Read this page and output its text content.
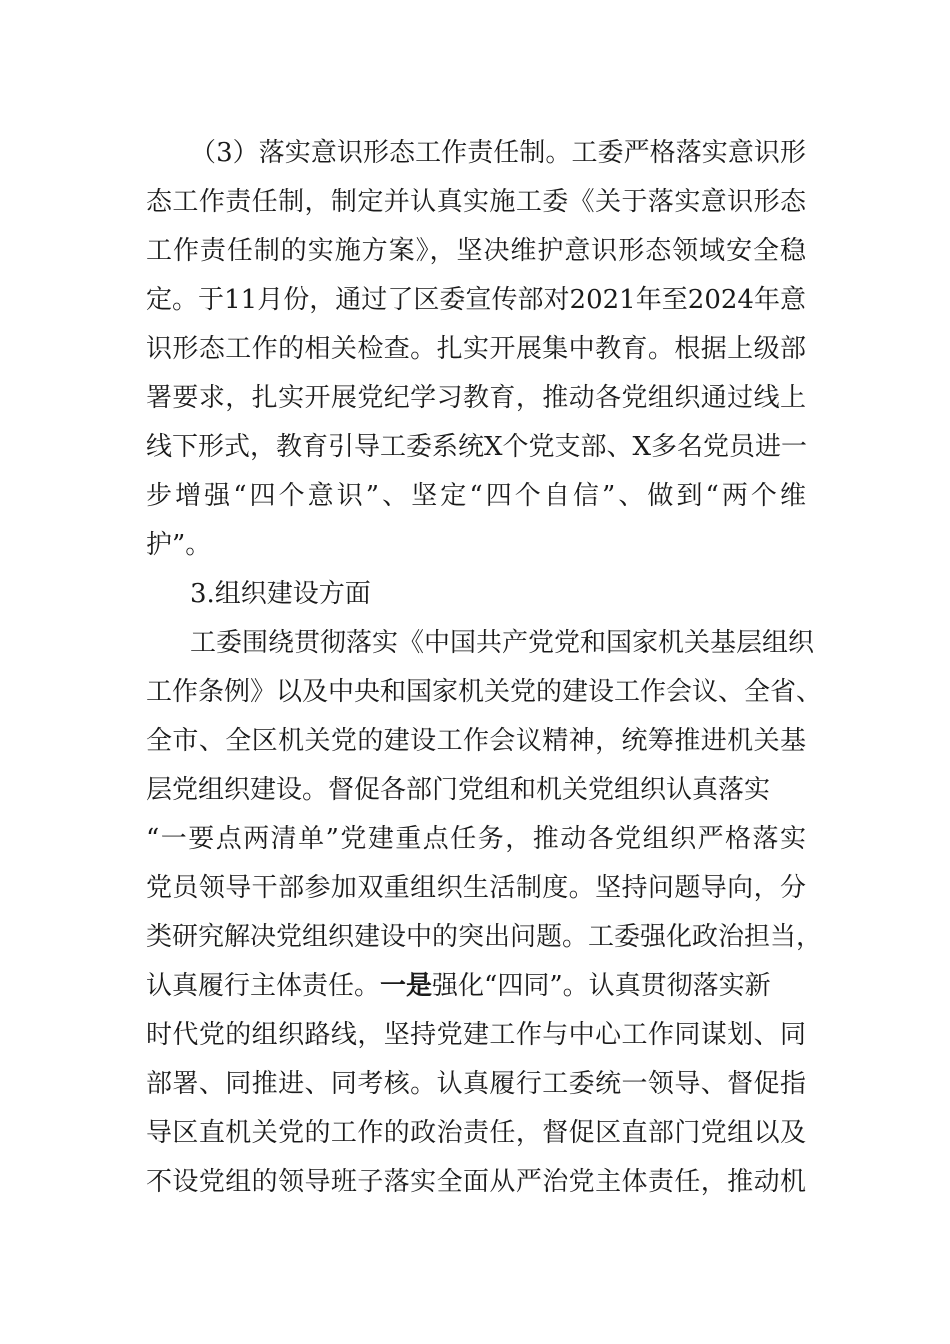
（3）落实意识形态工作责任制。工委严格落实意识形
态工作责任制，制定并认真实施工委《关于落实意识形态
工作责任制的实施方案》，坚决维护意识形态领域安全稳
定。于11月份，通过了区委宣传部对2021年至2024年意
识形态工作的相关检查。扎实开展集中教育。根据上级部
署要求，扎实开展党纪学习教育，推动各党组织通过线上
线下形式，教育引导工委系统X个党支部、X多名党员进一
步增强“四个意识”、坚定“四个自信”、做到“两个维
护”。
3.组织建设方面
工委围绕贯彻落实《中国共产党党和国家机关基层组织
工作条例》以及中央和国家机关党的建设工作会议、全省、
全市、全区机关党的建设工作会议精神，统筹推进机关基
层党组织建设。督促各部门党组和机关党组织认真落实
“一要点两清单”党建重点任务，推动各党组织严格落实
党员领导干部参加双重组织生活制度。坚持问题导向，分
类研究解决党组织建设中的突出问题。工委强化政治担当，
认真履行主体责任。一是强化“四同”。认真贯彻落实新
时代党的组织路线，坚持党建工作与中心工作同谋划、同
部署、同推进、同考核。认真履行工委统一领导、督促指
导区直机关党的工作的政治责任，督促区直部门党组以及
不设党组的领导班子落实全面从严治党主体责任，推动机
